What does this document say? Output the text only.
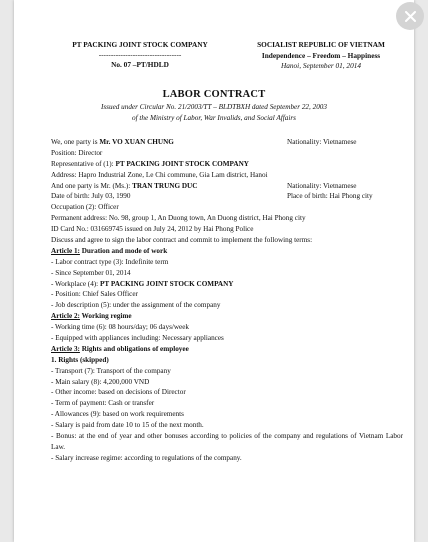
PT PACKING JOINT STOCK COMPANY
----------------------------------
No. 07 –PT/HDLD
SOCIALIST REPUBLIC OF VIETNAM
Independence – Freedom – Happiness
Hanoi, September 01, 2014
LABOR CONTRACT
Issued under Circular No. 21/2003/TT – BLDTBXH dated September 22, 2003
of the Ministry of Labor, War Invalids, and Social Affairs
We, one party is Mr. VO XUAN CHUNG	Nationality: Vietnamese
Position: Director
Representative of (1): PT PACKING JOINT STOCK COMPANY
Address: Hapro Industrial Zone, Le Chi commune, Gia Lam district, Hanoi
And one party is Mr. (Ms.): TRAN TRUNG DUC	Nationality: Vietnamese
Date of birth: July 03, 1990	Place of birth: Hai Phong city
Occupation (2): Officer
Permanent address: No. 98, group 1, An Duong town, An Duong district, Hai Phong city
ID Card No.: 031669745 issued on July 24, 2012 by Hai Phong Police
Discuss and agree to sign the labor contract and commit to implement the following terms:
Article 1: Duration and mode of work
- Labor contract type (3): Indefinite term
- Since September 01, 2014
- Workplace (4): PT PACKING JOINT STOCK COMPANY
- Position: Chief Sales Officer
- Job description (5): under the assignment of the company
Article 2: Working regime
- Working time (6): 08 hours/day; 06 days/week
- Equipped with appliances including: Necessary appliances
Article 3: Rights and obligations of employee
1. Rights (skipped)
- Transport (7): Transport of the company
- Main salary (8): 4,200,000 VND
- Other income: based on decisions of Director
- Term of payment: Cash or transfer
- Allowances (9): based on work requirements
- Salary is paid from date 10 to 15 of the next month.
- Bonus: at the end of year and other bonuses according to policies of the company and regulations of Vietnam Labor Law.
- Salary increase regime: according to regulations of the company.
